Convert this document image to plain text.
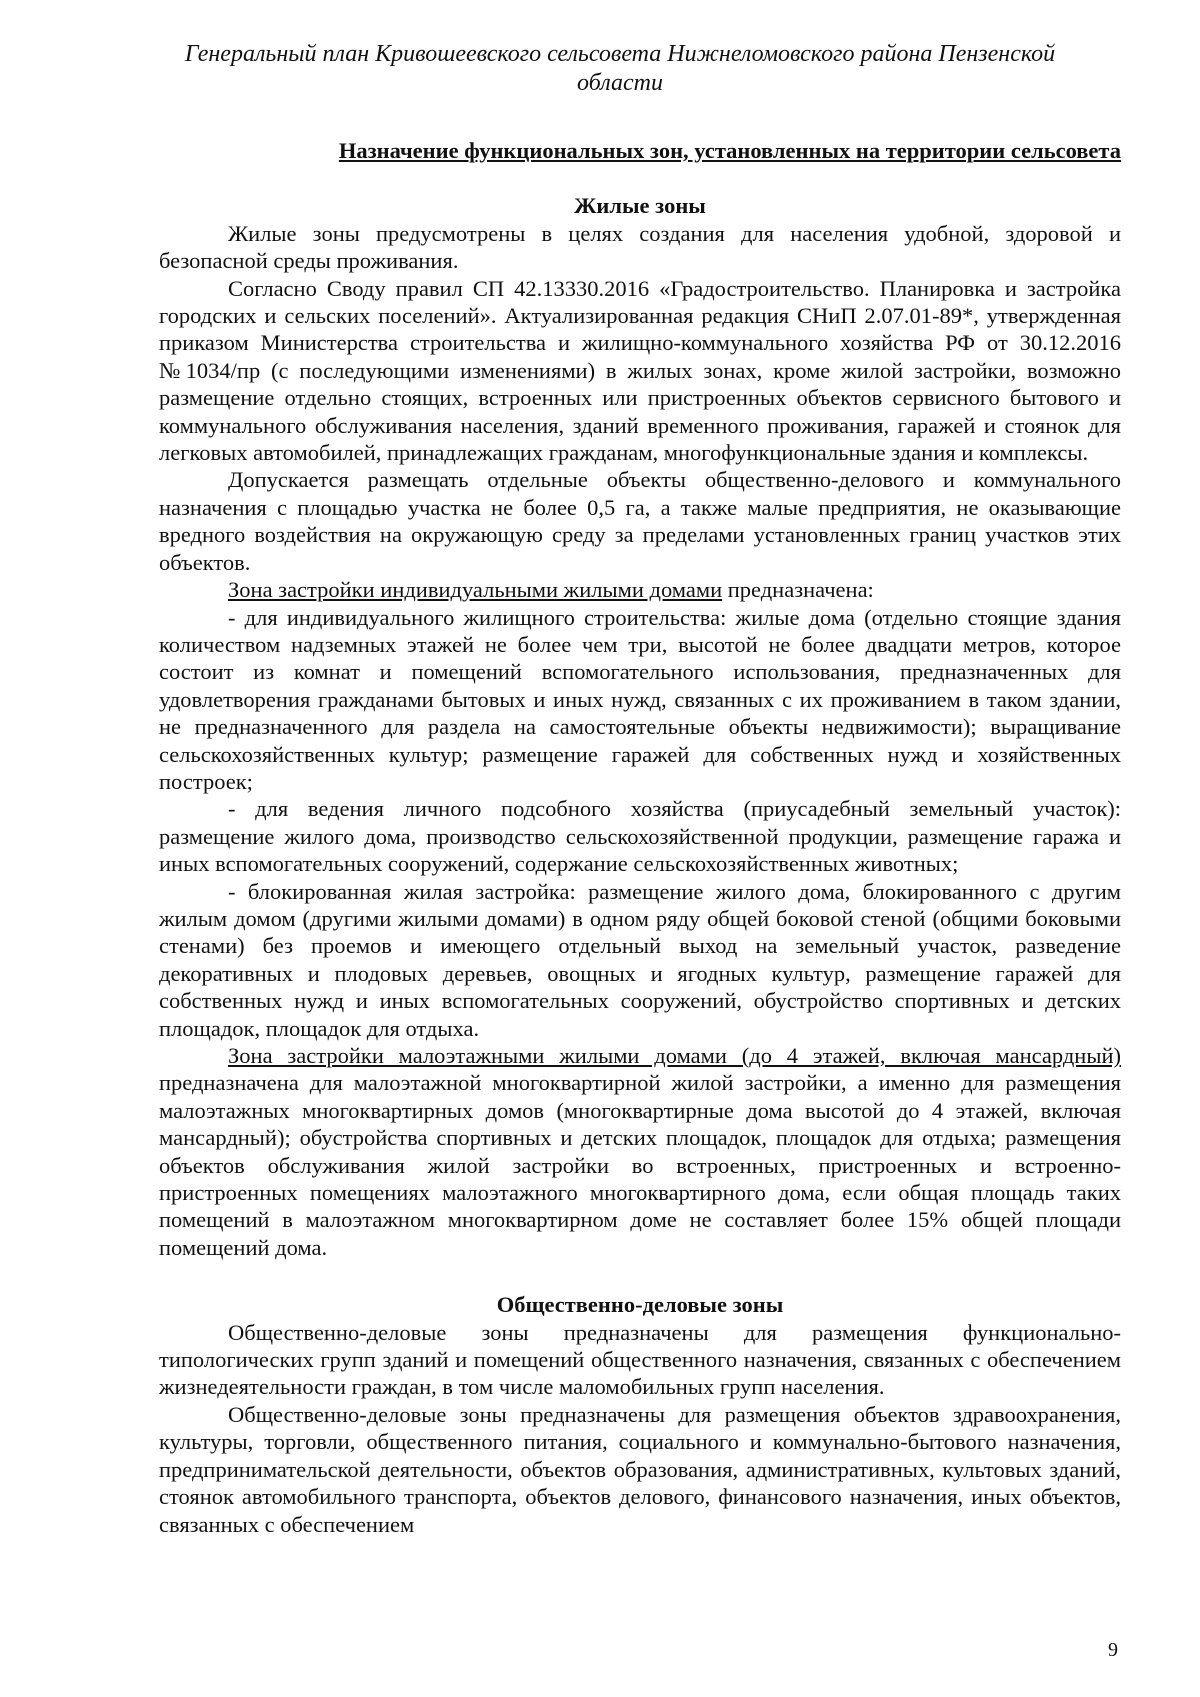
Генеральный план Кривошеевского сельсовета Нижнеломовского района Пензенской области
Назначение функциональных зон, установленных на территории сельсовета
Жилые зоны

Жилые зоны предусмотрены в целях создания для населения удобной, здоровой и безопасной среды проживания.

Согласно Своду правил СП 42.13330.2016 «Градостроительство. Планировка и застройка городских и сельских поселений». Актуализированная редакция СНиП 2.07.01-89*, утвержденная приказом Министерства строительства и жилищно-коммунального хозяйства РФ от 30.12.2016 №1034/пр (с последующими изменениями) в жилых зонах, кроме жилой застройки, возможно размещение отдельно стоящих, встроенных или пристроенных объектов сервисного бытового и коммунального обслуживания населения, зданий временного проживания, гаражей и стоянок для легковых автомобилей, принадлежащих гражданам, многофункциональные здания и комплексы.

Допускается размещать отдельные объекты общественно-делового и коммунального назначения с площадью участка не более 0,5 га, а также малые предприятия, не оказывающие вредного воздействия на окружающую среду за пределами установленных границ участков этих объектов.

Зона застройки индивидуальными жилыми домами предназначена:

- для индивидуального жилищного строительства: жилые дома (отдельно стоящие здания количеством надземных этажей не более чем три, высотой не более двадцати метров, которое состоит из комнат и помещений вспомогательного использования, предназначенных для удовлетворения гражданами бытовых и иных нужд, связанных с их проживанием в таком здании, не предназначенного для раздела на самостоятельные объекты недвижимости); выращивание сельскохозяйственных культур; размещение гаражей для собственных нужд и хозяйственных построек;

- для ведения личного подсобного хозяйства (приусадебный земельный участок): размещение жилого дома, производство сельскохозяйственной продукции, размещение гаража и иных вспомогательных сооружений, содержание сельскохозяйственных животных;

- блокированная жилая застройка: размещение жилого дома, блокированного с другим жилым домом (другими жилыми домами) в одном ряду общей боковой стеной (общими боковыми стенами) без проемов и имеющего отдельный выход на земельный участок, разведение декоративных и плодовых деревьев, овощных и ягодных культур, размещение гаражей для собственных нужд и иных вспомогательных сооружений, обустройство спортивных и детских площадок, площадок для отдыха.

Зона застройки малоэтажными жилыми домами (до 4 этажей, включая мансардный) предназначена для малоэтажной многоквартирной жилой застройки, а именно для размещения малоэтажных многоквартирных домов (многоквартирные дома высотой до 4 этажей, включая мансардный); обустройства спортивных и детских площадок, площадок для отдыха; размещения объектов обслуживания жилой застройки во встроенных, пристроенных и встроенно-пристроенных помещениях малоэтажного многоквартирного дома, если общая площадь таких помещений в малоэтажном многоквартирном доме не составляет более 15% общей площади помещений дома.

Общественно-деловые зоны

Общественно-деловые зоны предназначены для размещения функционально-типологических групп зданий и помещений общественного назначения, связанных с обеспечением жизнедеятельности граждан, в том числе маломобильных групп населения.

Общественно-деловые зоны предназначены для размещения объектов здравоохранения, культуры, торговли, общественного питания, социального и коммунально-бытового назначения, предпринимательской деятельности, объектов образования, административных, культовых зданий, стоянок автомобильного транспорта, объектов делового, финансового назначения, иных объектов, связанных с обеспечением

9
